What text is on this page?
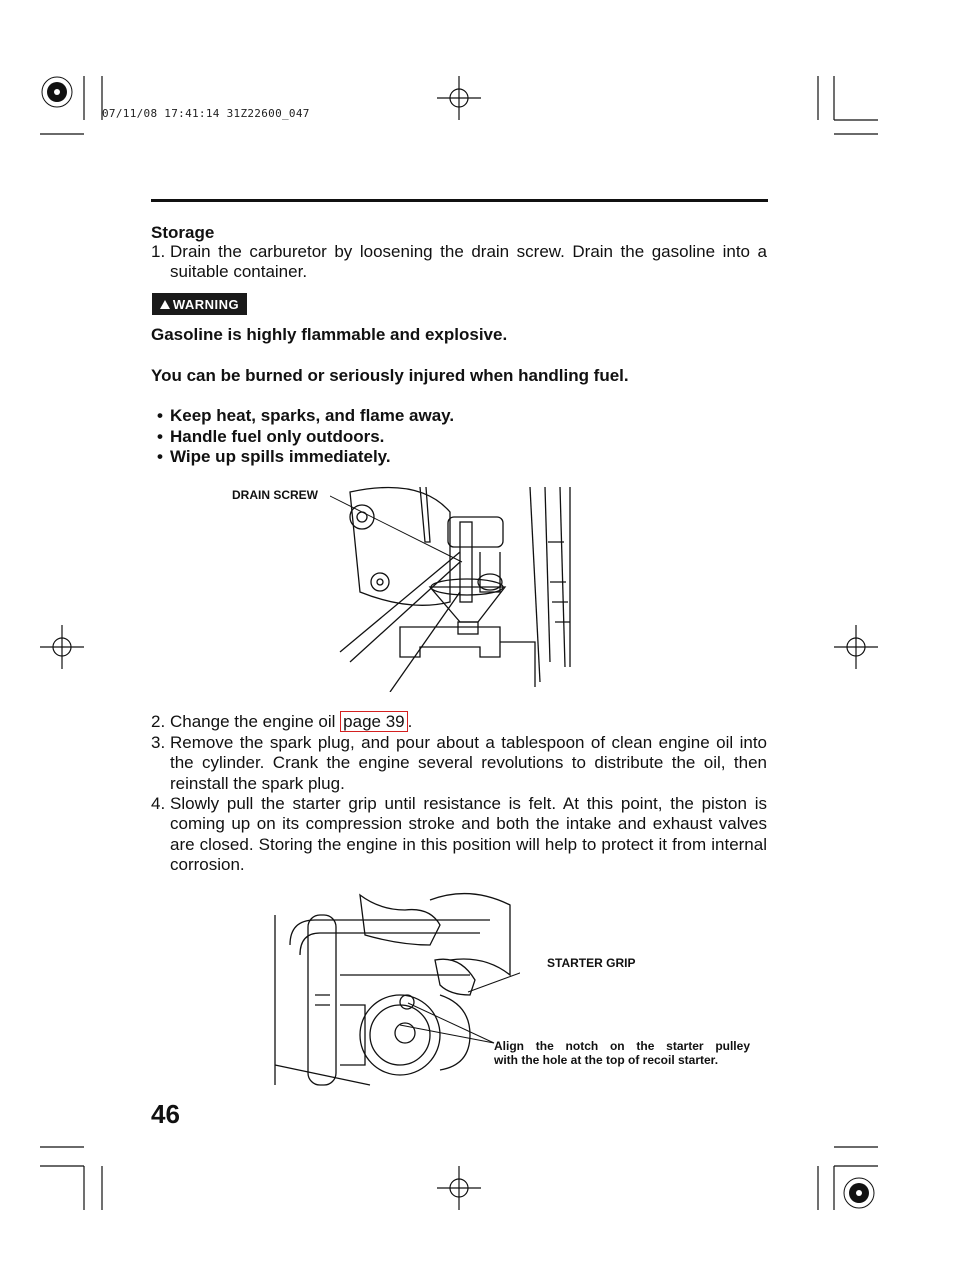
07/11/08 17:41:14 31Z22600_047
Storage
1. Drain the carburetor by loosening the drain screw. Drain the gasoline into a suitable container.
WARNING
Gasoline is highly flammable and explosive.
You can be burned or seriously injured when handling fuel.
• Keep heat, sparks, and flame away.
• Handle fuel only outdoors.
• Wipe up spills immediately.
DRAIN SCREW
2. Change the engine oil page 39 .
3. Remove the spark plug, and pour about a tablespoon of clean engine oil into the cylinder. Crank the engine several revolutions to distribute the oil, then reinstall the spark plug.
4. Slowly pull the starter grip until resistance is felt. At this point, the piston is coming up on its compression stroke and both the intake and exhaust valves are closed. Storing the engine in this position will help to protect it from internal corrosion.
STARTER GRIP
Align the notch on the starter pulley
with the hole at the top of recoil starter.
46
